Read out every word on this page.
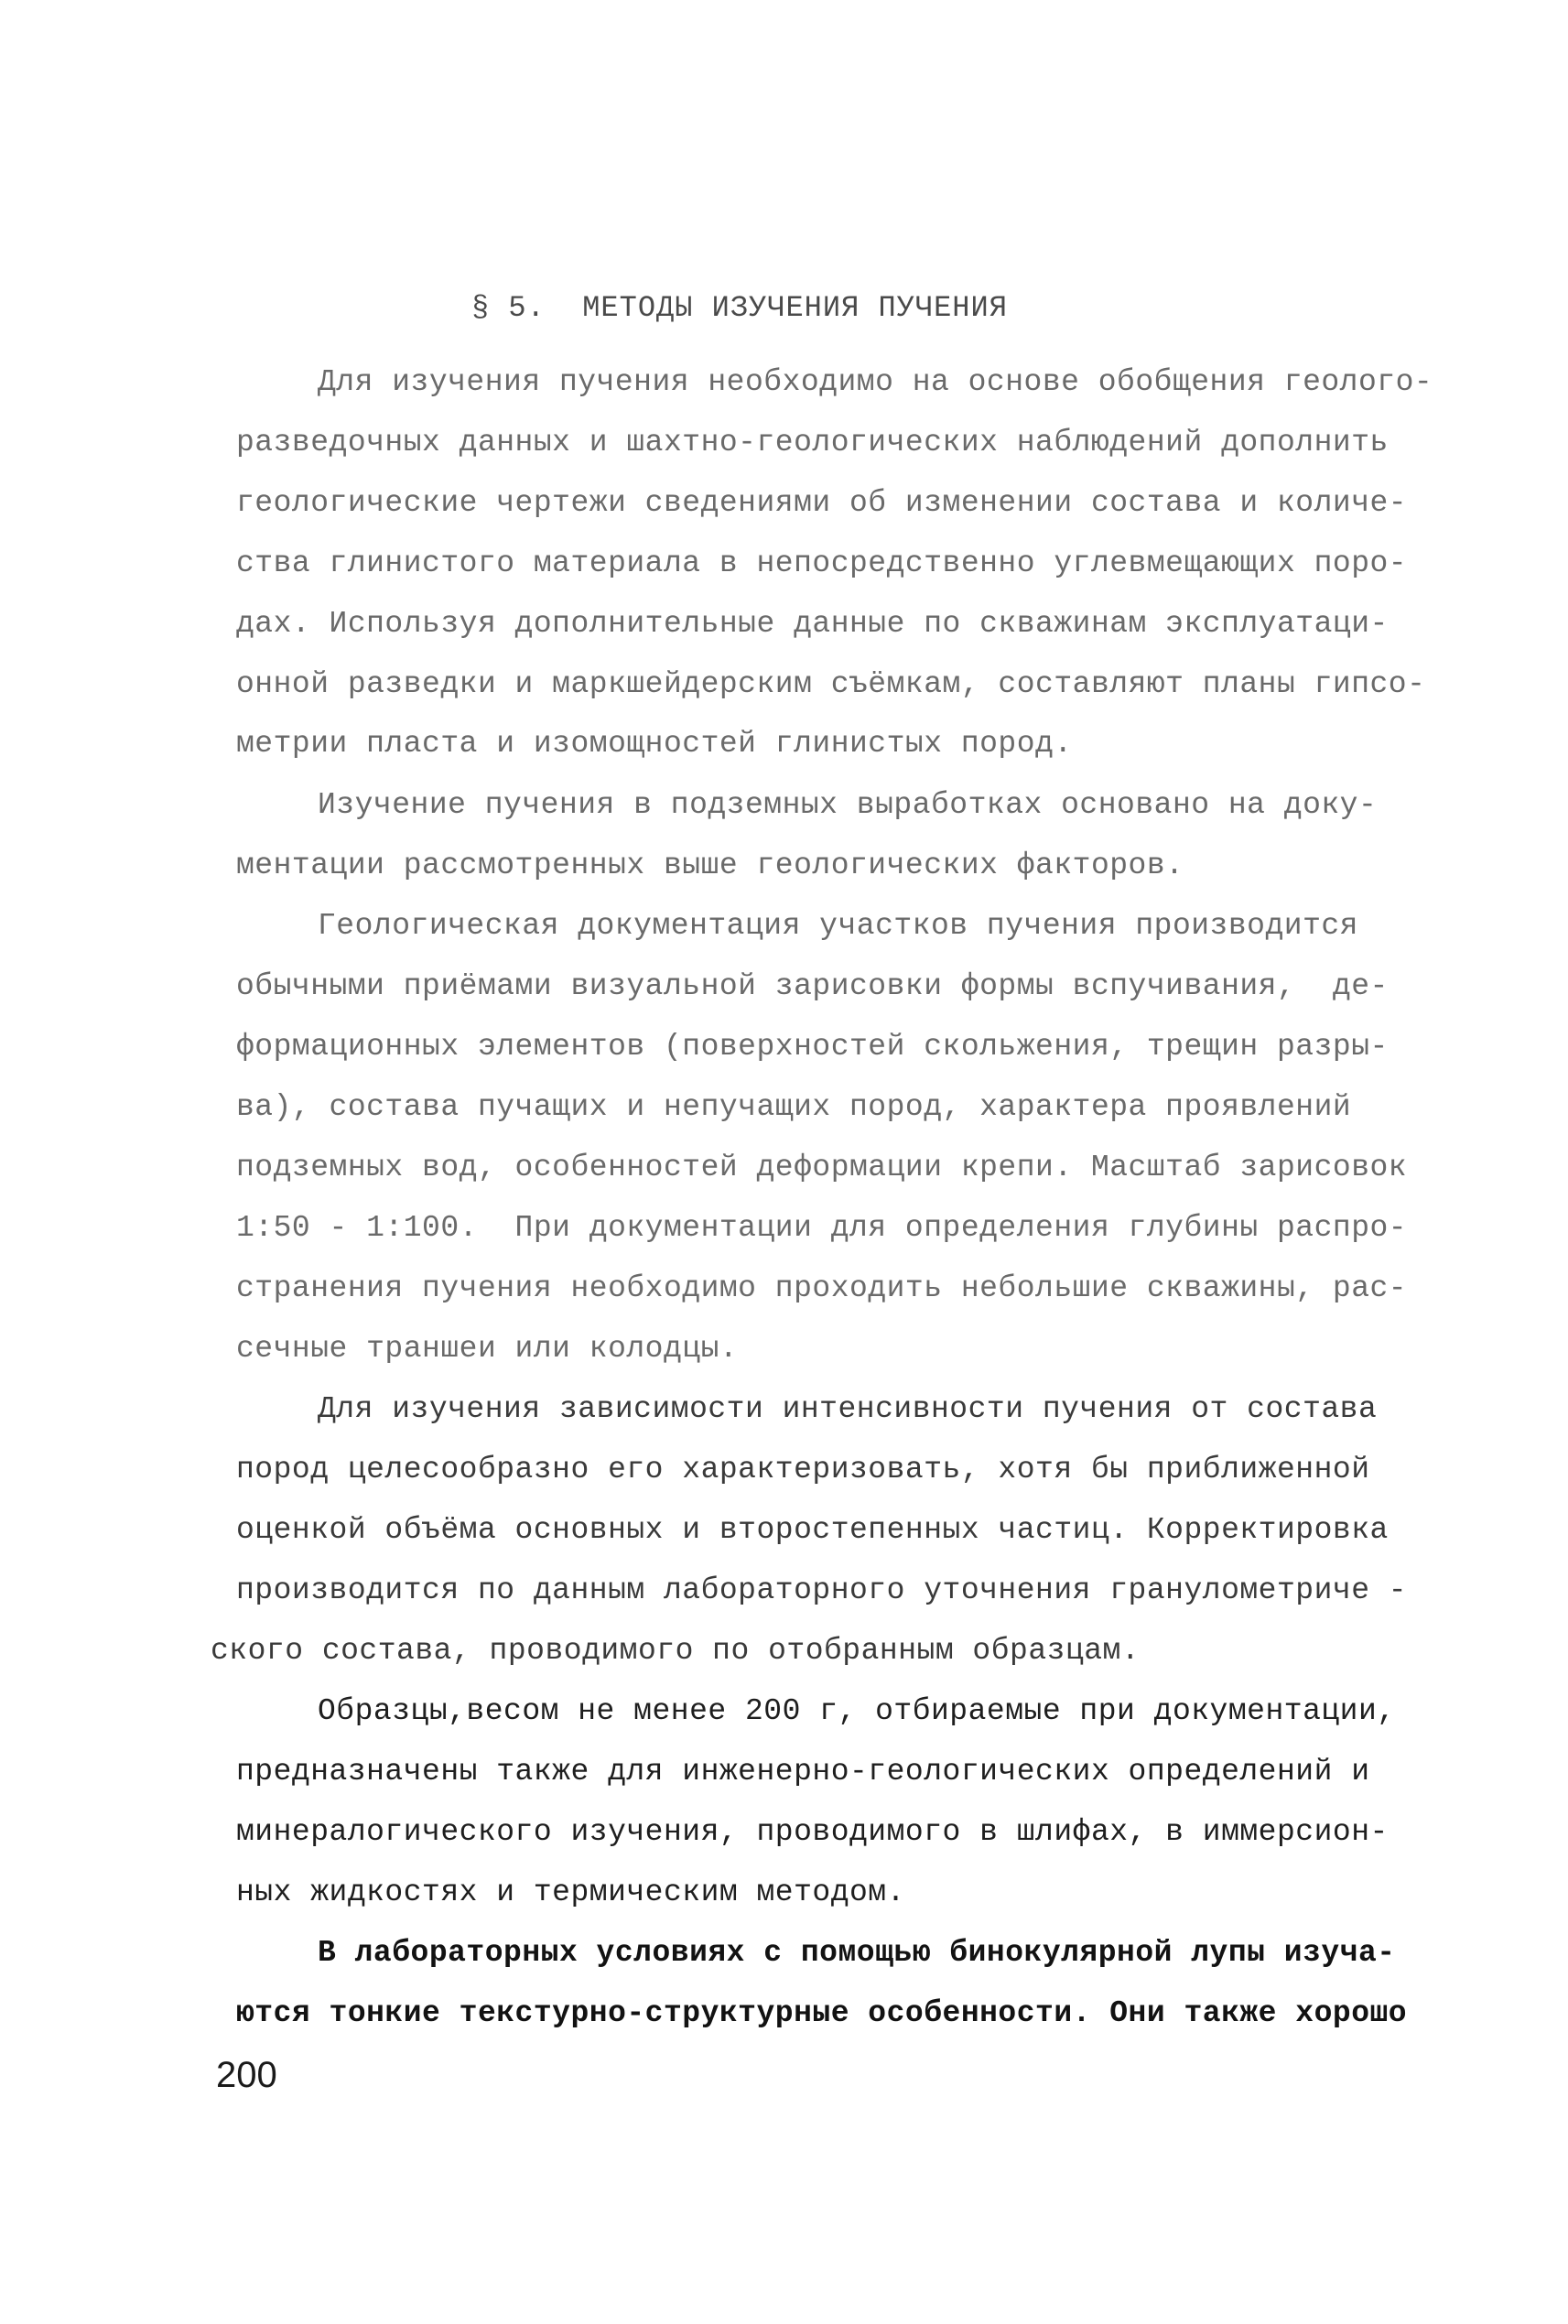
§ 5.  МЕТОДЫ ИЗУЧЕНИЯ ПУЧЕНИЯ
Для изучения пучения необходимо на основе обобщения геолого-
разведочных данных и шахтно-геологических наблюдений дополнить
геологические чертежи сведениями об изменении состава и количе-
ства глинистого материала в непосредственно углевмещающих поро-
дах. Используя дополнительные данные по скважинам эксплуатаци-
онной разведки и маркшейдерским съёмкам, составляют планы гипсо-
метрии пласта и изомощностей глинистых пород.
Изучение пучения в подземных выработках основано на доку-
ментации рассмотренных выше геологических факторов.
Геологическая документация участков пучения производится
обычными приёмами визуальной зарисовки формы вспучивания,  де-
формационных элементов (поверхностей скольжения, трещин разры-
ва), состава пучащих и непучащих пород, характера проявлений
подземных вод, особенностей деформации крепи. Масштаб зарисовок
1:50 - 1:100.  При документации для определения глубины распро-
странения пучения необходимо проходить небольшие скважины, рас-
сечные траншеи или колодцы.
Для изучения зависимости интенсивности пучения от состава
пород целесообразно его характеризовать, хотя бы приближенной
оценкой объёма основных и второстепенных частиц. Корректировка
производится по данным лабораторного уточнения гранулометриче -
ского состава, проводимого по отобранным образцам.
Образцы,весом не менее 200 г, отбираемые при документации,
предназначены также для инженерно-геологических определений и
минералогического изучения, проводимого в шлифах, в иммерсион-
ных жидкостях и термическим методом.
В лабораторных условиях с помощью бинокулярной лупы изуча-
ются тонкие текстурно-структурные особенности. Они также хорошо
200
